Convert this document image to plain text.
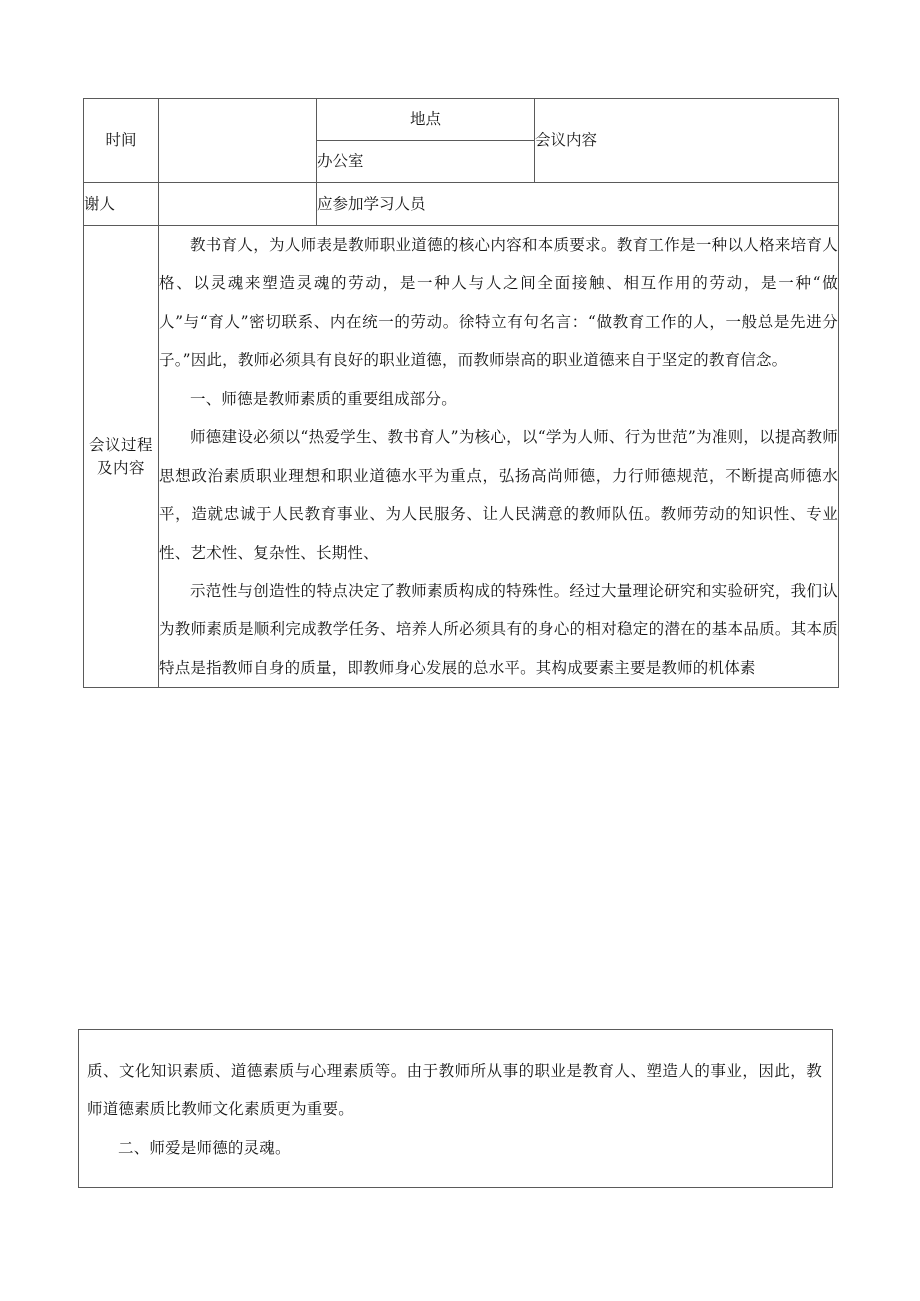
时间		地点	会议内容
		办公室	
谢人		应参加学习人员	

会议过程及内容	教书育人，为人师表是教师职业道德的核心内容和本质要求。教育工作是一种以人格来培育人格、以灵魂来塑造灵魂的劳动，是一种人与人之间全面接触、相互作用的劳动，是一种“做人”与“育人”密切联系、内在统一的劳动。徐特立有句名言：“做教育工作的人，一般总是先进分子。”因此，教师必须具有良好的职业道德，而教师崇高的职业道德来自于坚定的教育信念。

一、师德是教师素质的重要组成部分。

师德建设必须以“热爱学生、教书育人”为核心，以“学为人师、行为世范”为准则，以提高教师思想政治素质职业理想和职业道德水平为重点，弘扬高尚师德，力行师德规范，不断提高师德水平，造就忠诚于人民教育事业、为人民服务、让人民满意的教师队伍。教师劳动的知识性、专业性、艺术性、复杂性、长期性、

示范性与创造性的特点决定了教师素质构成的特殊性。经过大量理论研究和实验研究，我们认为教师素质是顺利完成教学任务、培养人所必须具有的身心的相对稳定的潜在的基本品质。其本质特点是指教师自身的质量，即教师身心发展的总水平。其构成要素主要是教师的机体素		

质、文化知识素质、道德素质与心理素质等。由于教师所从事的职业是教育人、塑造人的事业，因此，教师道德素质比教师文化素质更为重要。

二、师爱是师德的灵魂。
